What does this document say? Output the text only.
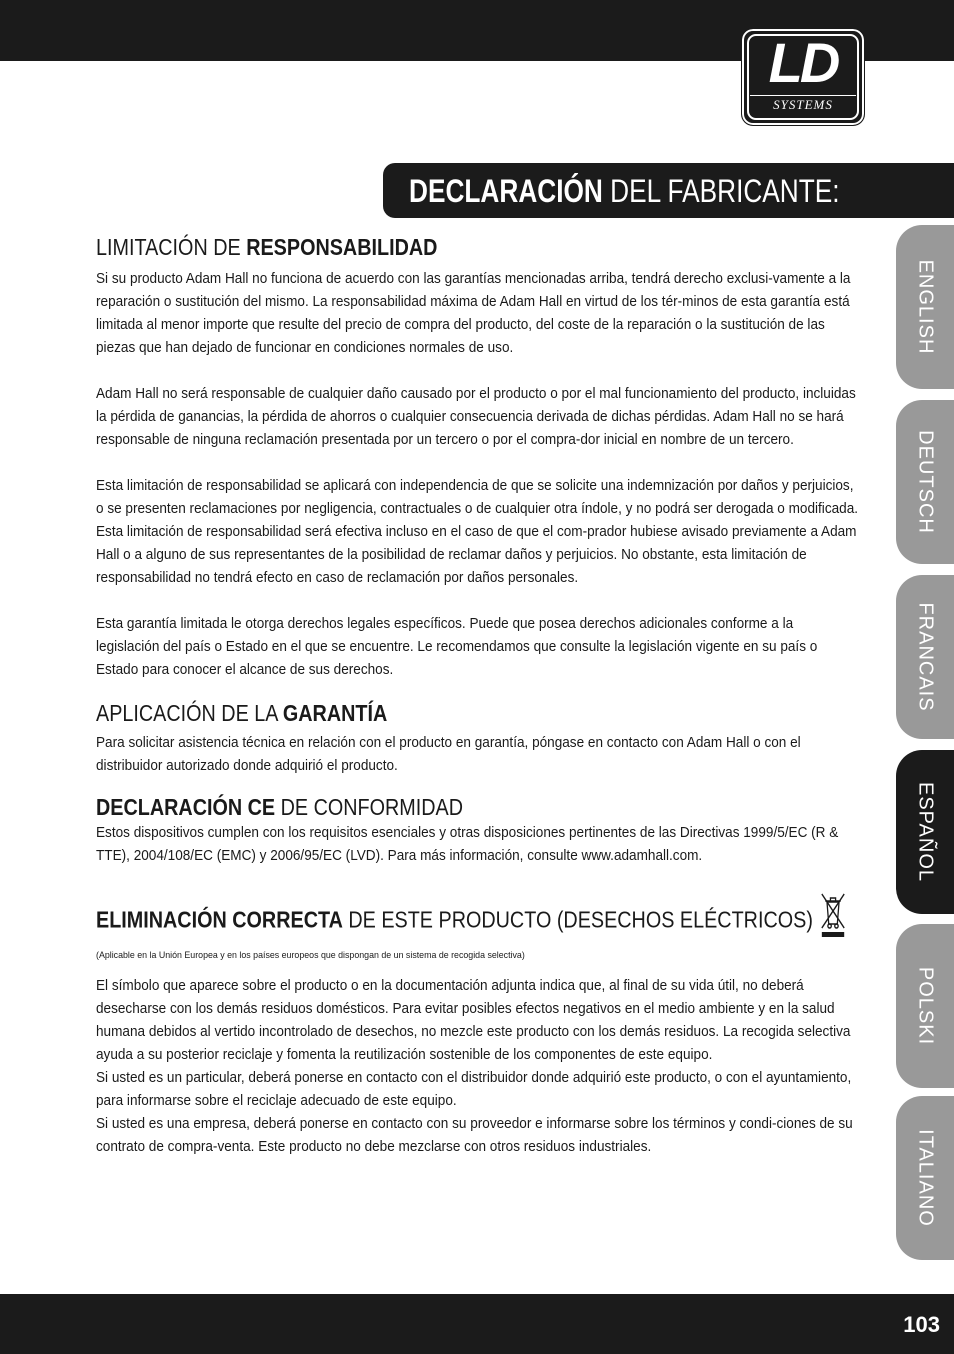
LD
SYSTEMS
DECLARACIÓN DEL FABRICANTE:
ENGLISH
DEUTSCH
FRANCAIS
ESPAÑOL
POLSKI
ITALIANO
LIMITACIÓN DE RESPONSABILIDAD

Si su producto Adam Hall no funciona de acuerdo con las garantías mencionadas arriba, tendrá derecho exclusi-vamente a la reparación o sustitución del mismo. La responsabilidad máxima de Adam Hall en virtud de los tér-minos de esta garantía está limitada al menor importe que resulte del precio de compra del producto, del coste de la reparación o la sustitución de las piezas que han dejado de funcionar en condiciones normales de uso.

Adam Hall no será responsable de cualquier daño causado por el producto o por el mal funcionamiento del producto, incluidas la pérdida de ganancias, la pérdida de ahorros o cualquier consecuencia derivada de dichas pérdidas. Adam Hall no se hará responsable de ninguna reclamación presentada por un tercero o por el compra-dor inicial en nombre de un tercero.

Esta limitación de responsabilidad se aplicará con independencia de que se solicite una indemnización por daños y perjuicios, o se presenten reclamaciones por negligencia, contractuales o de cualquier otra índole, y no podrá ser derogada o modificada. Esta limitación de responsabilidad será efectiva incluso en el caso de que el com-prador hubiese avisado previamente a Adam Hall o a alguno de sus representantes de la posibilidad de reclamar daños y perjuicios. No obstante, esta limitación de responsabilidad no tendrá efecto en caso de reclamación por daños personales.

Esta garantía limitada le otorga derechos legales específicos. Puede que posea derechos adicionales conforme a la legislación del país o Estado en el que se encuentre. Le recomendamos que consulte la legislación vigente en su país o Estado para conocer el alcance de sus derechos.

APLICACIÓN DE LA GARANTÍA

Para solicitar asistencia técnica en relación con el producto en garantía, póngase en contacto con Adam Hall o con el distribuidor autorizado donde adquirió el producto.

DECLARACIÓN CE DE CONFORMIDAD

Estos dispositivos cumplen con los requisitos esenciales y otras disposiciones pertinentes de las Directivas 1999/5/EC (R & TTE), 2004/108/EC (EMC) y 2006/95/EC (LVD). Para más información, consulte www.adamhall.com.

ELIMINACIÓN CORRECTA DE ESTE PRODUCTO (DESECHOS ELÉCTRICOS)

(Aplicable en la Unión Europea y en los países europeos que dispongan de un sistema de recogida selectiva)

El símbolo que aparece sobre el producto o en la documentación adjunta indica que, al final de su vida útil, no deberá desecharse con los demás residuos domésticos. Para evitar posibles efectos negativos en el medio ambiente y en la salud humana debidos al vertido incontrolado de desechos, no mezcle este producto con los demás residuos. La recogida selectiva ayuda a su posterior reciclaje y fomenta la reutilización sostenible de los componentes de este equipo.

Si usted es un particular, deberá ponerse en contacto con el distribuidor donde adquirió este producto, o con el ayuntamiento, para informarse sobre el reciclaje adecuado de este equipo.

Si usted es una empresa, deberá ponerse en contacto con su proveedor e informarse sobre los términos y condi-ciones de su contrato de compra-venta. Este producto no debe mezclarse con otros residuos industriales.

103
